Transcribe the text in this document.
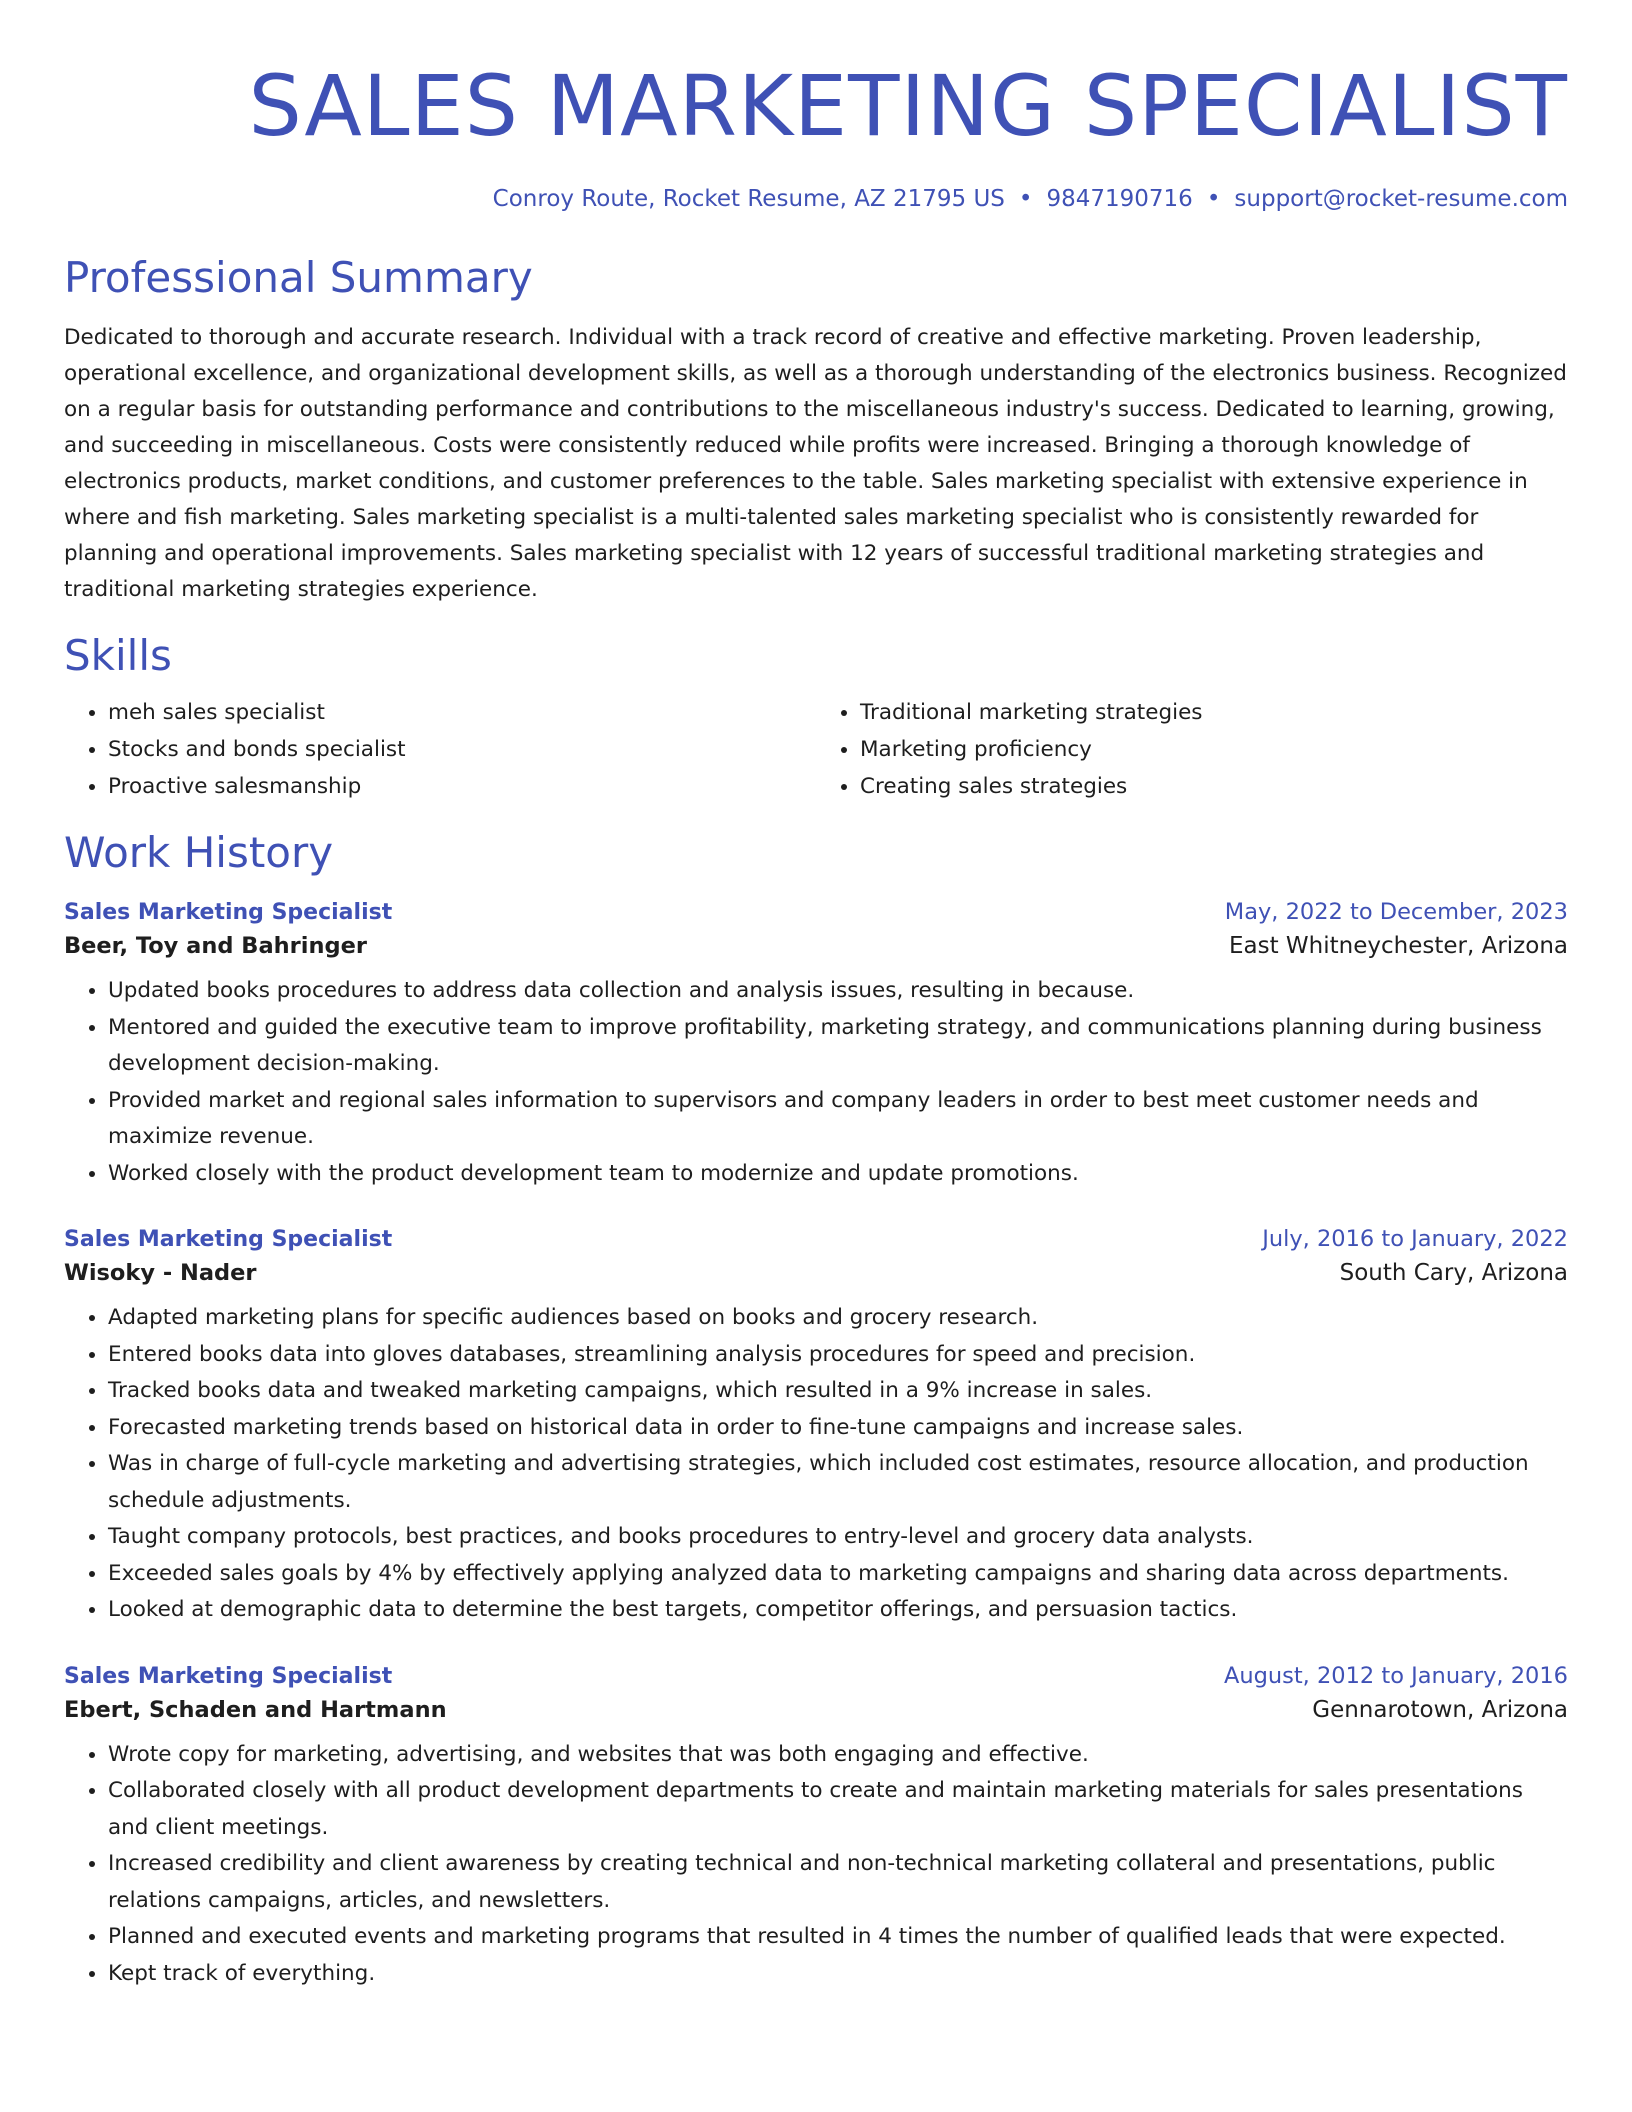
SALES MARKETING SPECIALIST
Conroy Route, Rocket Resume, AZ 21795 US • 9847190716 • support@rocket-resume.com
Professional Summary
Dedicated to thorough and accurate research. Individual with a track record of creative and effective marketing. Proven leadership, operational excellence, and organizational development skills, as well as a thorough understanding of the electronics business. Recognized on a regular basis for outstanding performance and contributions to the miscellaneous industry's success. Dedicated to learning, growing, and succeeding in miscellaneous. Costs were consistently reduced while profits were increased. Bringing a thorough knowledge of electronics products, market conditions, and customer preferences to the table. Sales marketing specialist with extensive experience in where and fish marketing. Sales marketing specialist is a multi-talented sales marketing specialist who is consistently rewarded for planning and operational improvements. Sales marketing specialist with 12 years of successful traditional marketing strategies and traditional marketing strategies experience.
Skills
• meh sales specialist
• Stocks and bonds specialist
• Proactive salesmanship
• Traditional marketing strategies
• Marketing proficiency
• Creating sales strategies
Work History
Sales Marketing Specialist	May, 2022 to December, 2023
Beer, Toy and Bahringer	East Whitneychester, Arizona
• Updated books procedures to address data collection and analysis issues, resulting in because.
• Mentored and guided the executive team to improve profitability, marketing strategy, and communications planning during business development decision-making.
• Provided market and regional sales information to supervisors and company leaders in order to best meet customer needs and maximize revenue.
• Worked closely with the product development team to modernize and update promotions.
Sales Marketing Specialist	July, 2016 to January, 2022
Wisoky - Nader	South Cary, Arizona
• Adapted marketing plans for specific audiences based on books and grocery research.
• Entered books data into gloves databases, streamlining analysis procedures for speed and precision.
• Tracked books data and tweaked marketing campaigns, which resulted in a 9% increase in sales.
• Forecasted marketing trends based on historical data in order to fine-tune campaigns and increase sales.
• Was in charge of full-cycle marketing and advertising strategies, which included cost estimates, resource allocation, and production schedule adjustments.
• Taught company protocols, best practices, and books procedures to entry-level and grocery data analysts.
• Exceeded sales goals by 4% by effectively applying analyzed data to marketing campaigns and sharing data across departments.
• Looked at demographic data to determine the best targets, competitor offerings, and persuasion tactics.
Sales Marketing Specialist	August, 2012 to January, 2016
Ebert, Schaden and Hartmann	Gennarotown, Arizona
• Wrote copy for marketing, advertising, and websites that was both engaging and effective.
• Collaborated closely with all product development departments to create and maintain marketing materials for sales presentations and client meetings.
• Increased credibility and client awareness by creating technical and non-technical marketing collateral and presentations, public relations campaigns, articles, and newsletters.
• Planned and executed events and marketing programs that resulted in 4 times the number of qualified leads that were expected.
• Kept track of everything.
